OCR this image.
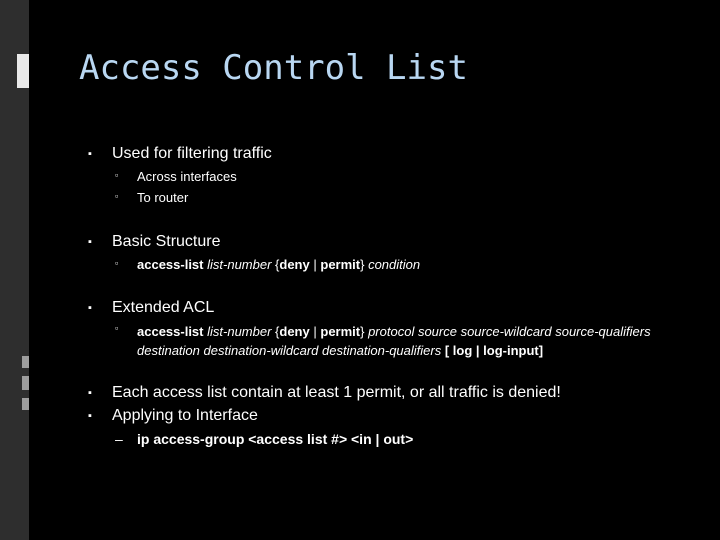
Access Control List
▪ Used for filtering traffic
▫ Across interfaces
▫ To router
▪ Basic Structure
▫ access-list list-number {deny | permit} condition
▪ Extended ACL
▫ access-list list-number {deny | permit} protocol source source-wildcard source-qualifiers destination destination-wildcard destination-qualifiers [ log | log-input]
▪ Each access list contain at least 1 permit, or all traffic is denied!
▪ Applying to Interface
– ip access-group <access list #> <in | out>
